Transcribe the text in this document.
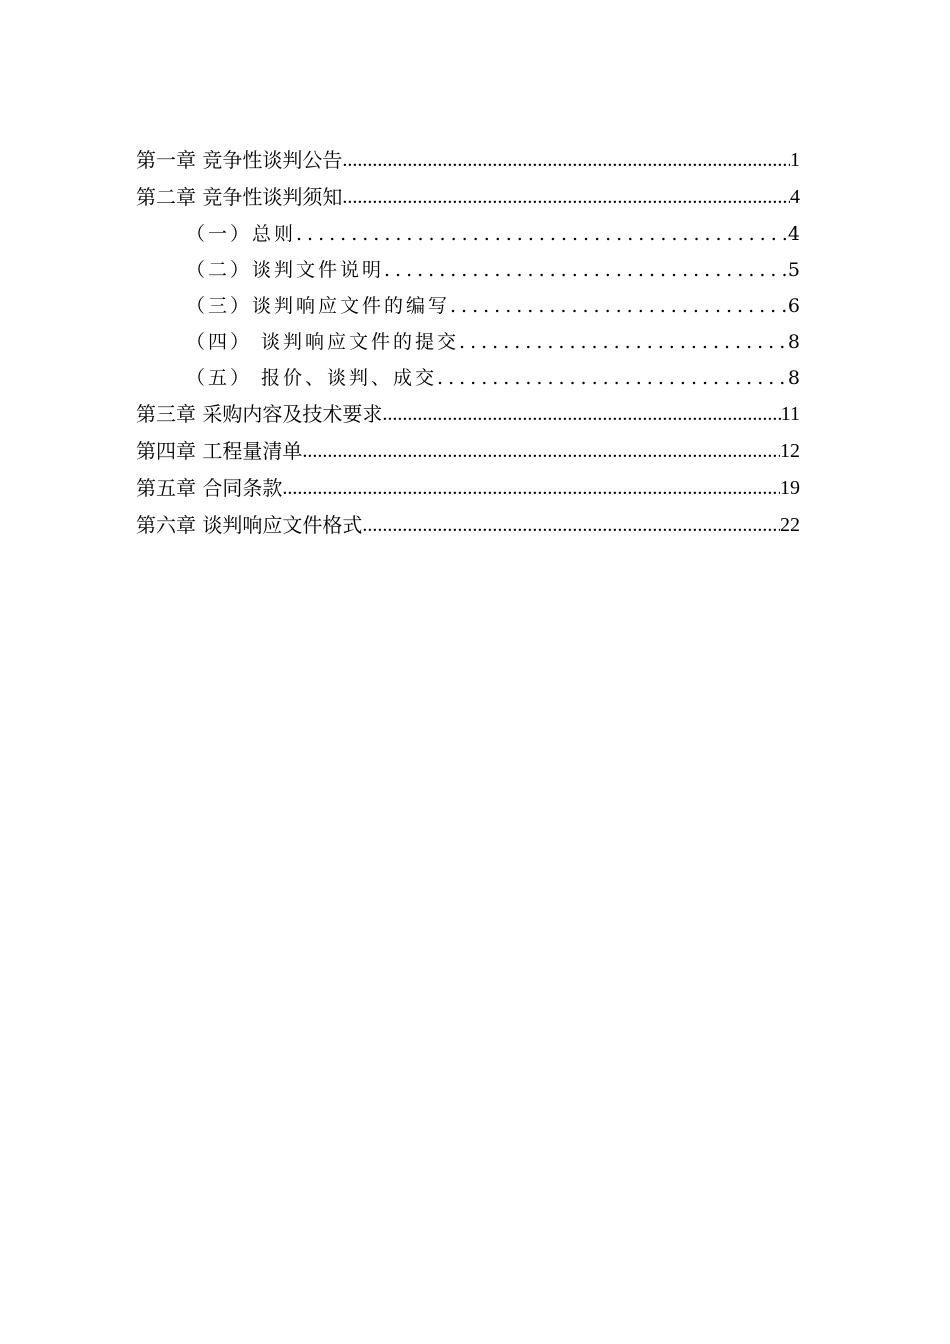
第一章 竞争性谈判公告 .....	1
第二章 竞争性谈判须知 .....	4
（一）总则 .....	4
（二）谈判文件说明 .....	5
（三）谈判响应文件的编写 .....	6
（四） 谈判响应文件的提交 .....	8
（五） 报价、谈判、成交 .....	8
第三章 采购内容及技术要求 .....	11
第四章 工程量清单 .....	12
第五章 合同条款 .....	19
第六章 谈判响应文件格式 .....	22
